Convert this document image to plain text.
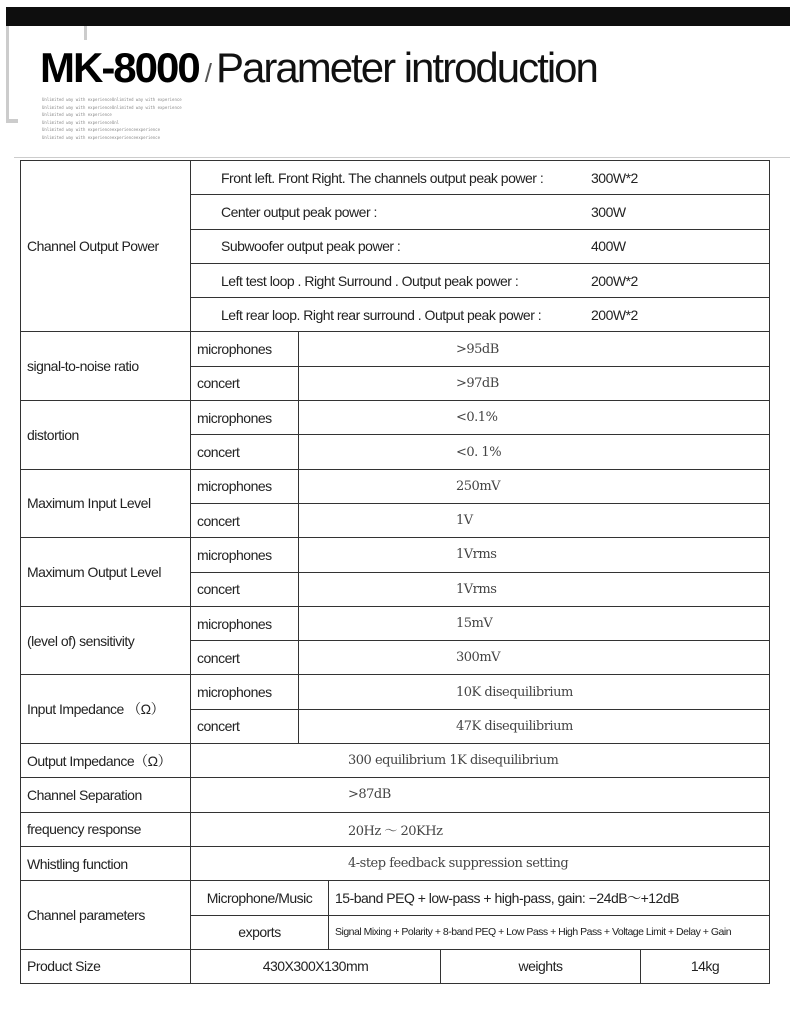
MK-8000 / Parameter introduction
Unlimited way with experienceUnlimited way with experience
Unlimited way with experienceUnlimited way with experience
Unlimited way with experience
Unlimited way with experienceUnl
Unlimited way with experienceexperienceexperience
Unlimited way with experienceexperienceexperience
Channel Output Power	Front left. Front Right. The channels output peak power : 300W*2				

	Center output peak power : 300W				

	Subwoofer output peak power : 400W				

	Left test loop . Right Surround . Output peak power : 200W*2				

	Left rear loop. Right rear surround . Output peak power : 200W*2				

signal-to-noise ratio	microphones	>95dB			
	concert	>97dB			
distortion	microphones	<0.1%			
	concert	<0. 1%			
Maximum Input Level	microphones	250mV			
	concert	1V			
Maximum Output Level	microphones	1Vrms			
	concert	1Vrms			
(level of) sensitivity	microphones	15mV			
	concert	300mV			
Input Impedance （Ω）	microphones	10K disequilibrium			
	concert	47K disequilibrium			
Output Impedance（Ω）	300 equilibrium 1K disequilibrium				
Channel Separation	>87dB				
frequency response	20Hz ～ 20KHz				
Whistling function	4-step feedback suppression setting				
Channel parameters	Microphone/Music		15-band PEQ + low-pass + high-pass, gain: −24dB～+12dB		
	exports		Signal Mixing + Polarity + 8-band PEQ + Low Pass + High Pass + Voltage Limit + Delay + Gain		
Product Size	430X300X130mm			weights	14kg
